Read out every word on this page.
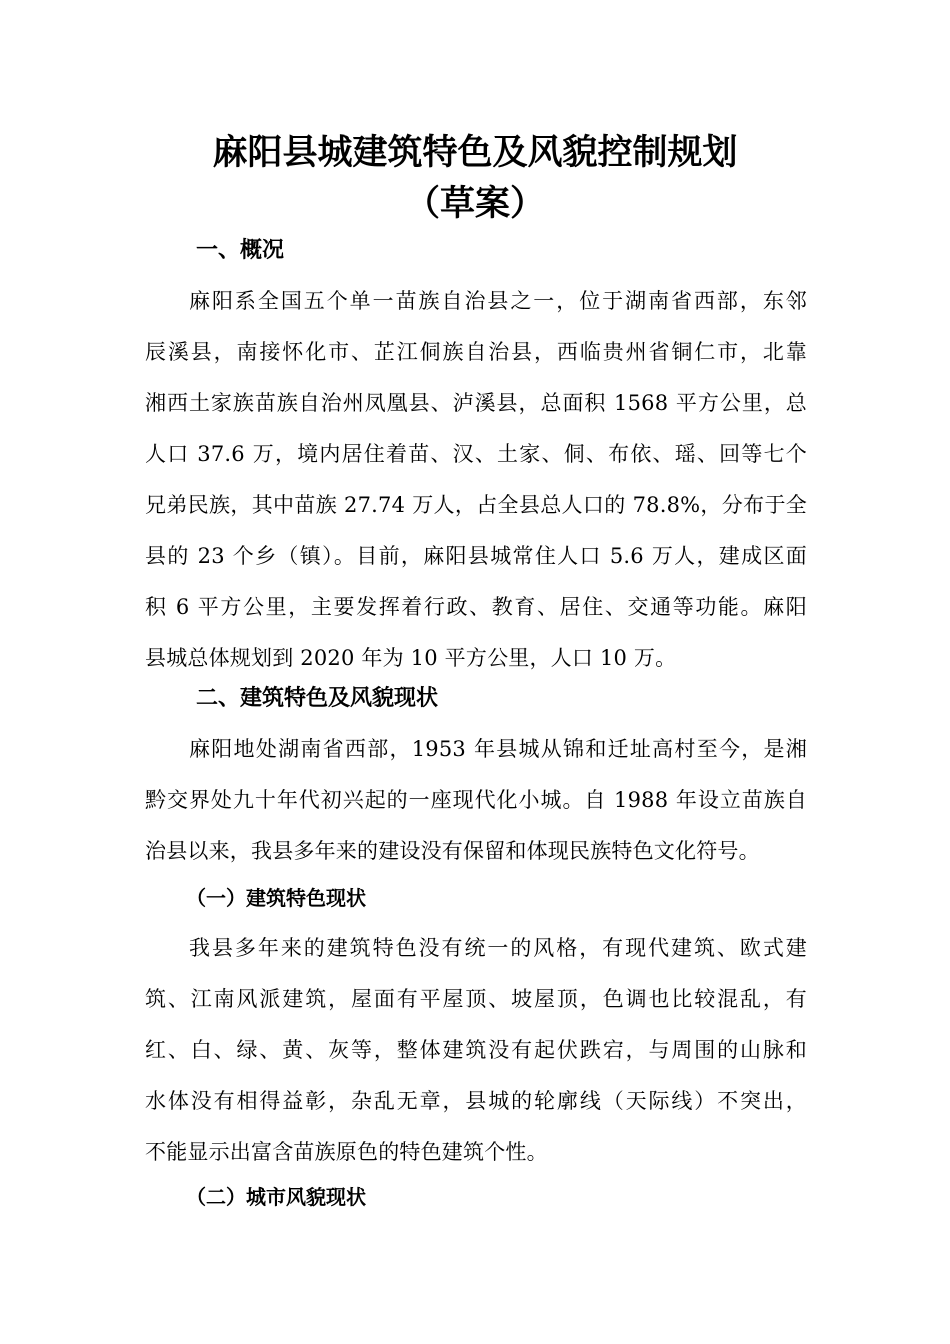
麻阳县城建筑特色及风貌控制规划
（草案）
一、概况
麻阳系全国五个单一苗族自治县之一，位于湖南省西部，东邻
辰溪县，南接怀化市、芷江侗族自治县，西临贵州省铜仁市，北靠
湘西土家族苗族自治州凤凰县、泸溪县，总面积 1568 平方公里，总
人口 37.6 万，境内居住着苗、汉、土家、侗、布依、瑶、回等七个
兄弟民族，其中苗族 27.74 万人，占全县总人口的 78.8%，分布于全
县的 23 个乡（镇）。目前，麻阳县城常住人口 5.6 万人，建成区面
积 6 平方公里，主要发挥着行政、教育、居住、交通等功能。麻阳
县城总体规划到 2020 年为 10 平方公里，人口 10 万。
二、建筑特色及风貌现状
麻阳地处湖南省西部，1953 年县城从锦和迁址高村至今，是湘
黔交界处九十年代初兴起的一座现代化小城。自 1988 年设立苗族自
治县以来，我县多年来的建设没有保留和体现民族特色文化符号。
（一）建筑特色现状
我县多年来的建筑特色没有统一的风格，有现代建筑、欧式建
筑、江南风派建筑，屋面有平屋顶、坡屋顶，色调也比较混乱，有
红、白、绿、黄、灰等，整体建筑没有起伏跌宕，与周围的山脉和
水体没有相得益彰，杂乱无章，县城的轮廓线（天际线）不突出，
不能显示出富含苗族原色的特色建筑个性。
（二）城市风貌现状
